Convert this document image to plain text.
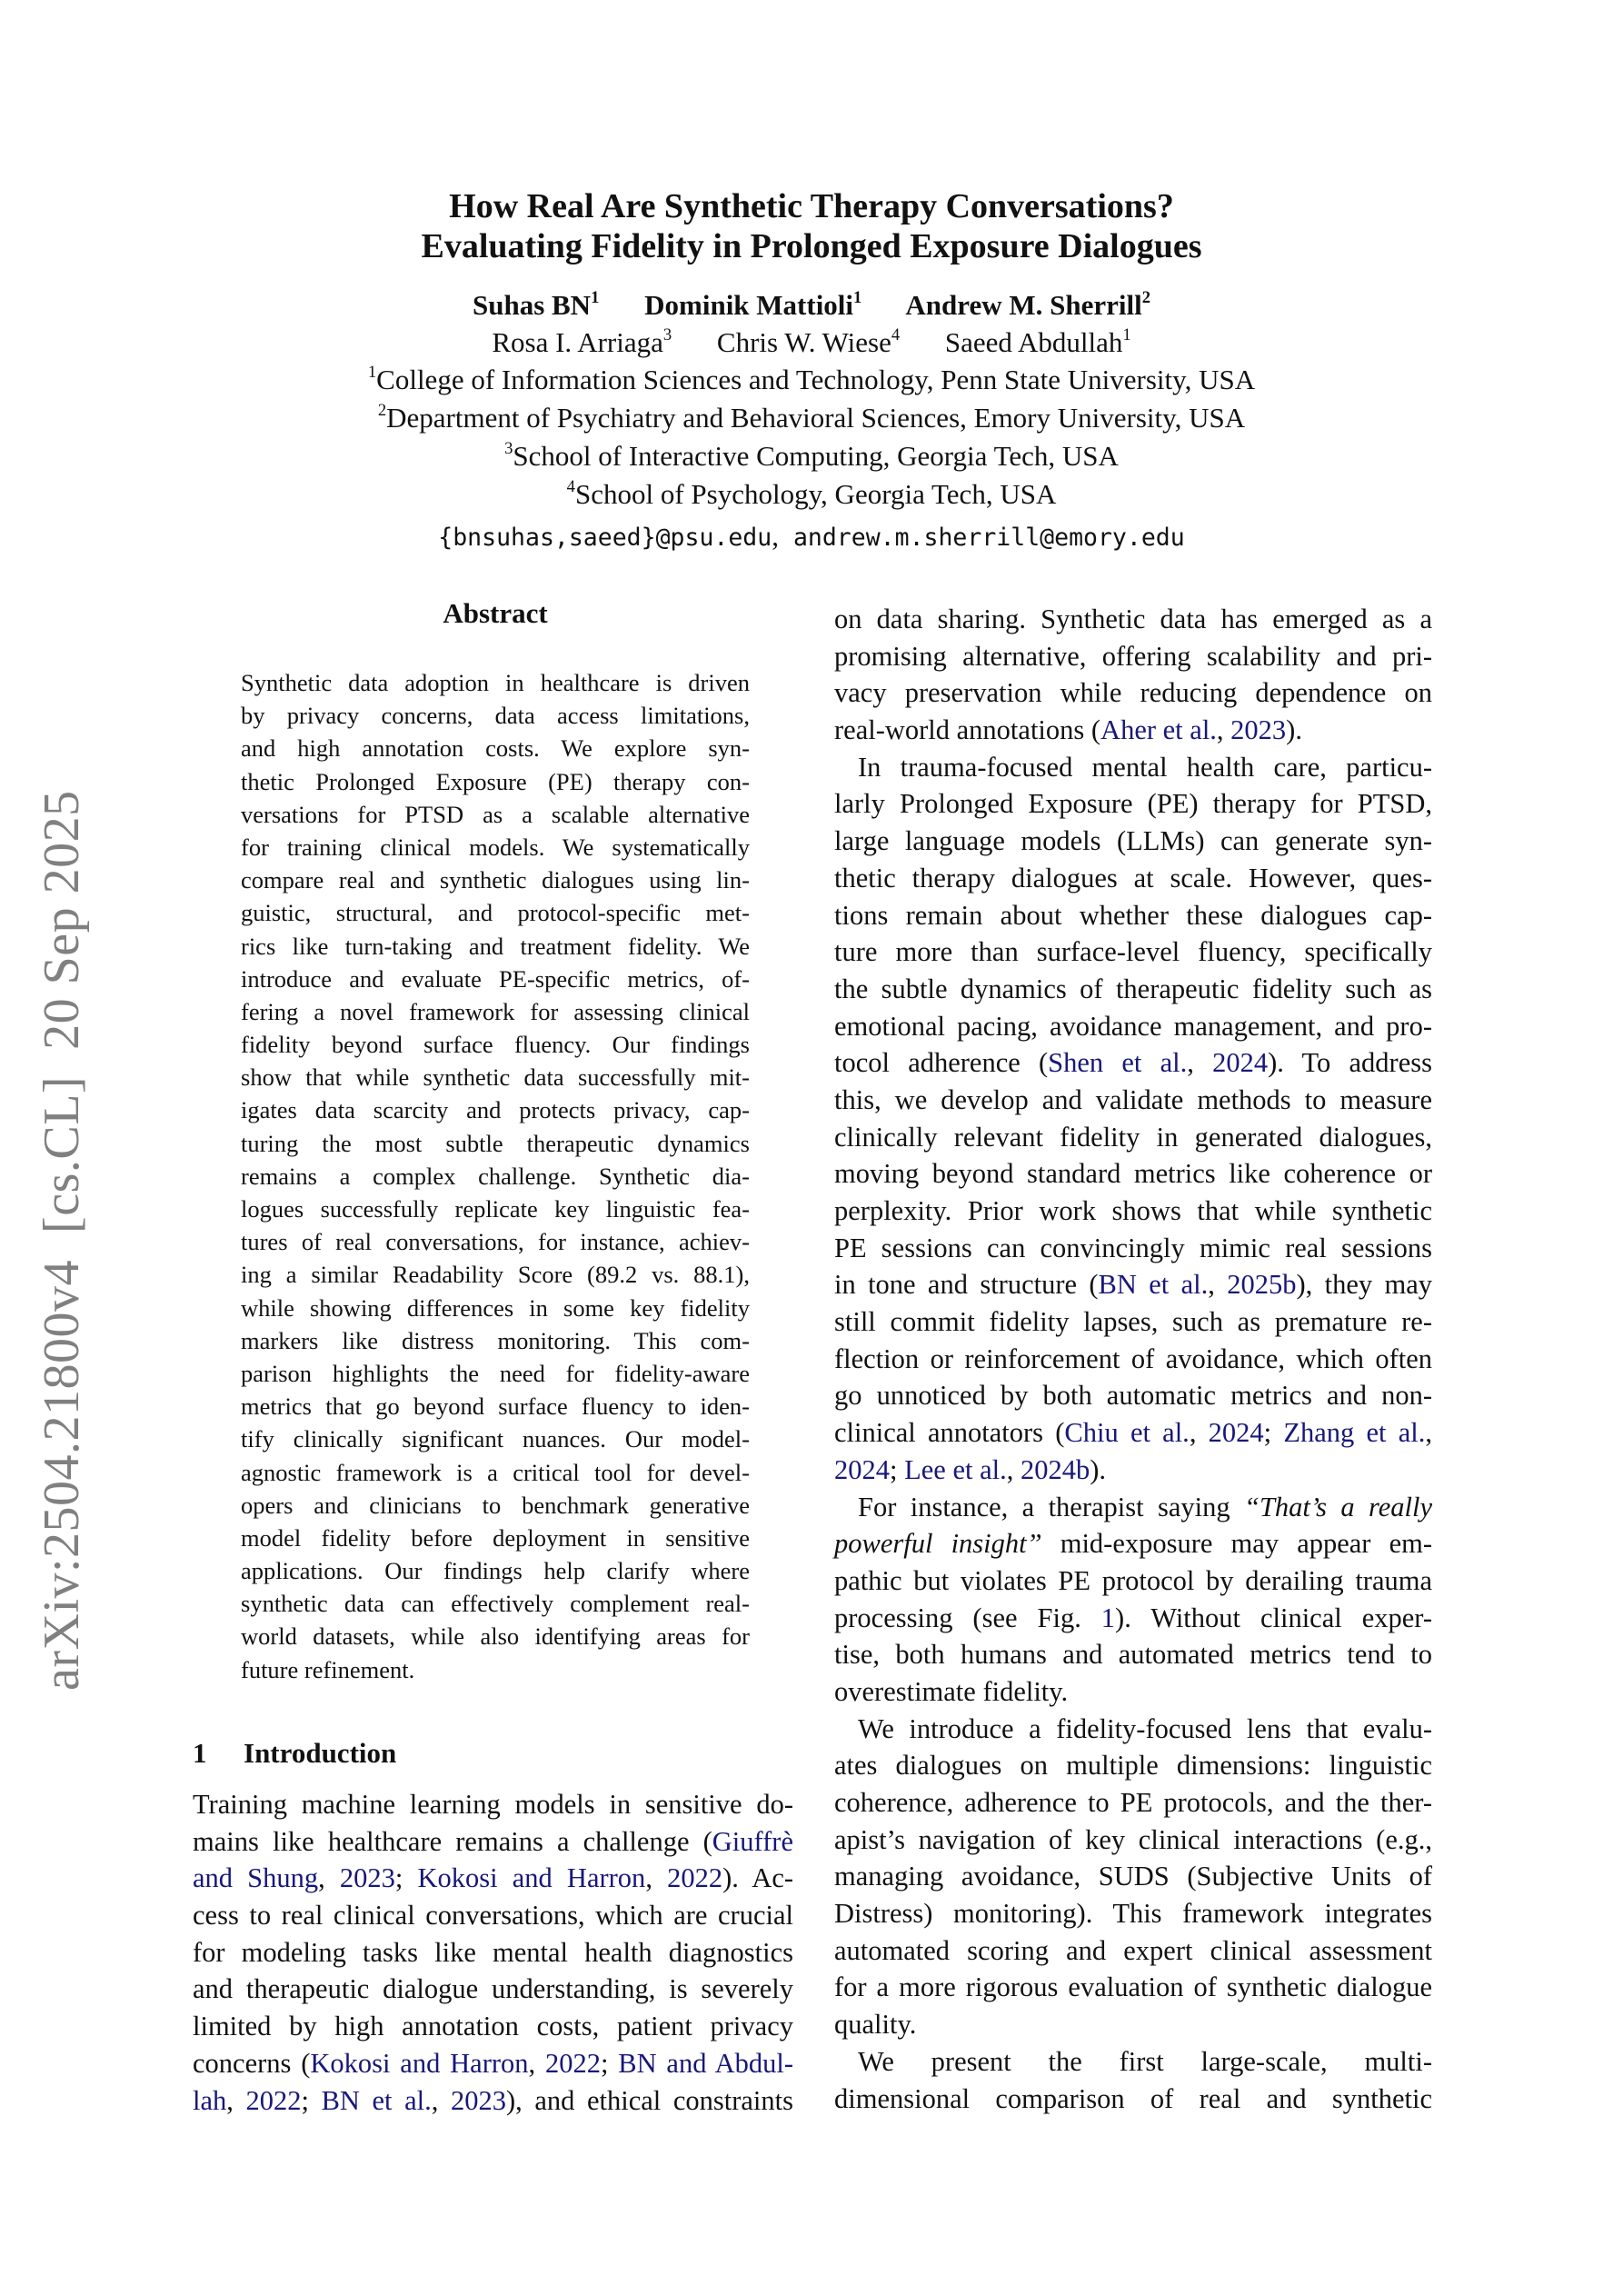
arXiv:2504.21800v4  [cs.CL]  20 Sep 2025
How Real Are Synthetic Therapy Conversations?
Evaluating Fidelity in Prolonged Exposure Dialogues
Suhas $BN^1$ Dominik Mattioli$^1$ Andrew M. Sherrill$^2$
Rosa I. Arriaga$^3$ Chris W. Wiese$^4$ Saeed Abdullah$^1$
$^1$College of Information Sciences and Technology, Penn State University, USA
$^2$Department of Psychiatry and Behavioral Sciences, Emory University, USA
$^3$School of Interactive Computing, Georgia Tech, USA
$^4$School of Psychology, Georgia Tech, USA
{bnsuhas,saeed}@psu.edu, andrew.m.sherrill@emory.edu
Abstract
Synthetic data adoption in healthcare is driven
by privacy concerns, data access limitations,
and high annotation costs. We explore syn-
thetic Prolonged Exposure (PE) therapy con-
versations for PTSD as a scalable alternative
for training clinical models. We systematically
compare real and synthetic dialogues using lin-
guistic, structural, and protocol-specific met-
rics like turn-taking and treatment fidelity. We
introduce and evaluate PE-specific metrics, of-
fering a novel framework for assessing clinical
fidelity beyond surface fluency. Our findings
show that while synthetic data successfully mit-
igates data scarcity and protects privacy, cap-
turing the most subtle therapeutic dynamics
remains a complex challenge. Synthetic dia-
logues successfully replicate key linguistic fea-
tures of real conversations, for instance, achiev-
ing a similar Readability Score (89.2 vs. 88.1),
while showing differences in some key fidelity
markers like distress monitoring. This com-
parison highlights the need for fidelity-aware
metrics that go beyond surface fluency to iden-
tify clinically significant nuances. Our model-
agnostic framework is a critical tool for devel-
opers and clinicians to benchmark generative
model fidelity before deployment in sensitive
applications. Our findings help clarify where
synthetic data can effectively complement real-
world datasets, while also identifying areas for
future refinement.
1 Introduction
Training machine learning models in sensitive do-
mains like healthcare remains a challenge (Giuffrè
and Shung, 2023; Kokosi and Harron, 2022). Ac-
cess to real clinical conversations, which are crucial
for modeling tasks like mental health diagnostics
and therapeutic dialogue understanding, is severely
limited by high annotation costs, patient privacy
concerns (Kokosi and Harron, 2022; BN and Abdul-
lah, 2022; BN et al., 2023), and ethical constraints
on data sharing. Synthetic data has emerged as a
promising alternative, offering scalability and pri-
vacy preservation while reducing dependence on
real-world annotations (Aher et al., 2023).
In trauma-focused mental health care, particu-
larly Prolonged Exposure (PE) therapy for PTSD,
large language models (LLMs) can generate syn-
thetic therapy dialogues at scale. However, ques-
tions remain about whether these dialogues cap-
ture more than surface-level fluency, specifically
the subtle dynamics of therapeutic fidelity such as
emotional pacing, avoidance management, and pro-
tocol adherence (Shen et al., 2024). To address
this, we develop and validate methods to measure
clinically relevant fidelity in generated dialogues,
moving beyond standard metrics like coherence or
perplexity. Prior work shows that while synthetic
PE sessions can convincingly mimic real sessions
in tone and structure (BN et al., 2025b), they may
still commit fidelity lapses, such as premature re-
flection or reinforcement of avoidance, which often
go unnoticed by both automatic metrics and non-
clinical annotators (Chiu et al., 2024; Zhang et al.,
2024; Lee et al., 2024b).
For instance, a therapist saying “That’s a really
powerful insight” mid-exposure may appear em-
pathic but violates PE protocol by derailing trauma
processing (see Fig. 1). Without clinical exper-
tise, both humans and automated metrics tend to
overestimate fidelity.
We introduce a fidelity-focused lens that evalu-
ates dialogues on multiple dimensions: linguistic
coherence, adherence to PE protocols, and the ther-
apist’s navigation of key clinical interactions (e.g.,
managing avoidance, SUDS (Subjective Units of
Distress) monitoring). This framework integrates
automated scoring and expert clinical assessment
for a more rigorous evaluation of synthetic dialogue
quality.
We present the first large-scale, multi-
dimensional comparison of real and synthetic
